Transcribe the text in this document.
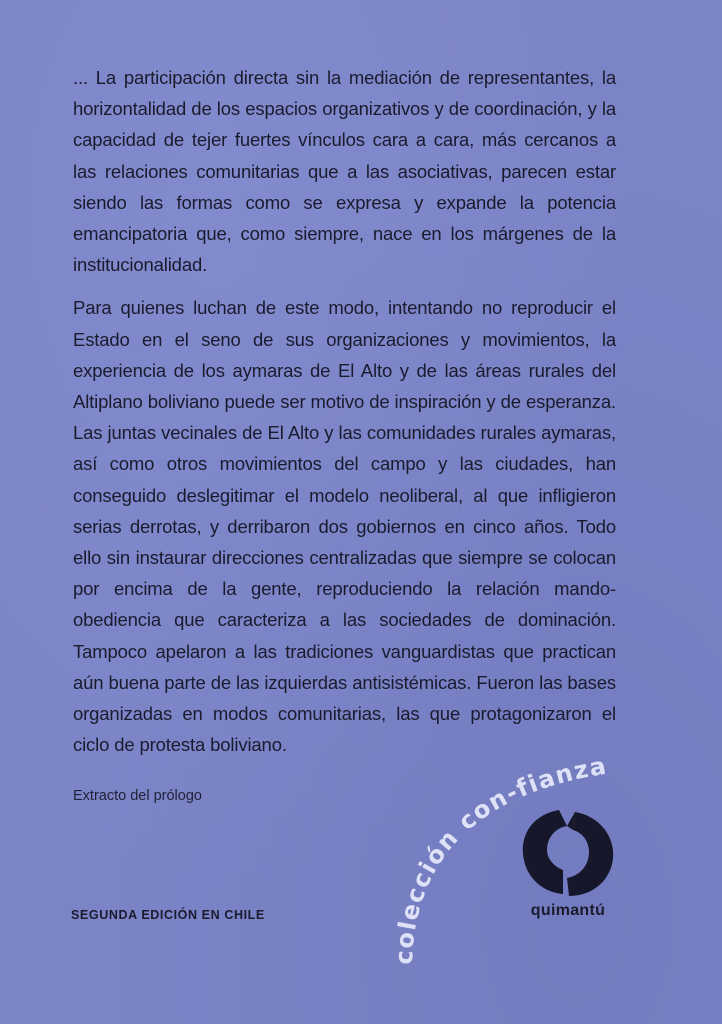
... La participación directa sin la mediación de representantes, la horizontalidad de los espacios organizativos y de coordinación, y la capacidad de tejer fuertes vínculos cara a cara, más cercanos a las relaciones comunitarias que a las asociativas, parecen estar siendo las formas como se expresa y expande la potencia emancipatoria que, como siempre, nace en los márgenes de la institucionalidad.

Para quienes luchan de este modo, intentando no reproducir el Estado en el seno de sus organizaciones y movimientos, la experiencia de los aymaras de El Alto y de las áreas rurales del Altiplano boliviano puede ser motivo de inspiración y de esperanza. Las juntas vecinales de El Alto y las comunidades rurales aymaras, así como otros movimientos del campo y las ciudades, han conseguido deslegitimar el modelo neoliberal, al que infligieron serias derrotas, y derribaron dos gobiernos en cinco años. Todo ello sin instaurar direcciones centralizadas que siempre se colocan por encima de la gente, reproduciendo la relación mando-obediencia que caracteriza a las sociedades de dominación. Tampoco apelaron a las tradiciones vanguardistas que practican aún buena parte de las izquierdas antisistémicas. Fueron las bases organizadas en modos comunitarias, las que protagonizaron el ciclo de protesta boliviano.

Extracto del prólogo
SEGUNDA EDICIÓN EN CHILE
colección con-fianza
quimantú
